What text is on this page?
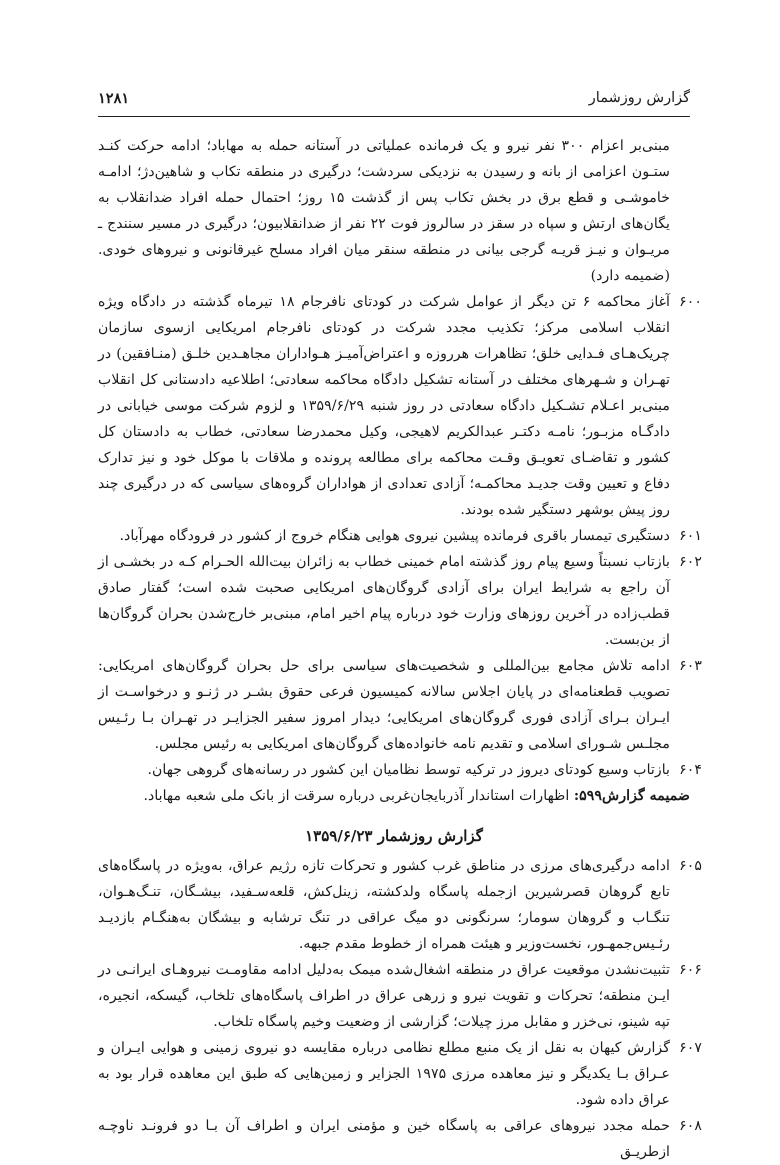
گزارش روزشمار
۱۲۸۱

مبنی‌بر اعزام ۳۰۰ نفر نیرو و یک فرمانده عملیاتی در آستانه حمله به مهاباد؛ ادامه حرکت کنـد ستـون اعزامی از بانه و رسیدن به نزدیکی سردشت؛ درگیری در منطقه تکاب و شاهین‌دژ؛ ادامـه خاموشـی و قطع برق در بخش تکاب پس از گذشت ۱۵ روز؛ احتمال حمله افراد ضدانقلاب به یگان‌های ارتش و سپاه در سقز در سالروز فوت ۲۲ نفر از ضدانقلابیون؛ درگیری در مسیر سنندج ـ مریـوان و نیـز قریـه گرجی بیانی در منطقه سنقر میان افراد مسلح غیرقانونی و نیروهای خودی. (ضمیمه دارد)

۶۰۰
آغاز محاکمه ۶ تن دیگر از عوامل شرکت در کودتای نافرجام ۱۸ تیرماه گذشته در دادگاه ویژه انقلاب اسلامی مرکز؛ تکذیب مجدد شرکت در کودتای نافرجام امریکایی ازسوی سازمان چریک‌هـای فـدایی خلق؛ تظاهرات هرروزه و اعتراض‌آمیـز هـواداران مجاهـدین خلـق (منـافقین) در تهـران و شـهرهای مختلف در آستانه تشکیل دادگاه محاکمه سعادتی؛ اطلاعیه دادستانی کل انقلاب مبنی‌بر اعـلام تشـکیل دادگاه سعادتی در روز شنبه ۱۳۵۹/۶/۲۹ و لزوم شرکت موسی خیابانی در دادگـاه مزبـور؛ نامـه دکتـر عبدالکریم لاهیجی، وکیل محمدرضا سعادتی، خطاب به دادستان کل کشور و تقاضـای تعویـق وقـت محاکمه برای مطالعه پرونده و ملاقات با موکل خود و نیز تدارک دفاع و تعیین وقت جدیـد محاکمـه؛ آزادی تعدادی از هواداران گروه‌های سیاسی که در درگیری چند روز پیش بوشهر دستگیر شده بودند.

۶۰۱
دستگیری تیمسار باقری فرمانده پیشین نیروی هوایی هنگام خروج از کشور در فرودگاه مهرآباد.

۶۰۲
بازتاب نسبتاً وسیع پیام روز گذشته امام خمینی خطاب به زائران بیت‌الله الحـرام کـه در بخشـی از آن راجع به شرایط ایران برای آزادی گروگان‌های امریکایی صحبت شده است؛ گفتار صادق قطب‌زاده در آخرین روزهای وزارت خود درباره پیام اخیر امام، مبنی‌بر خارج‌شدن بحران گروگان‌ها از بن‌بست.

۶۰۳
ادامه تلاش مجامع بین‌المللی و شخصیت‌های سیاسی برای حل بحران گروگان‌های امریکایی: تصویب قطعنامه‌ای در پایان اجلاس سالانه کمیسیون فرعی حقوق بشـر در ژنـو و درخواسـت از ایـران بـرای آزادی فوری گروگان‌های امریکایی؛ دیدار امروز سفیر الجزایـر در تهـران بـا رئـیس مجلـس شـورای اسلامی و تقدیم نامه خانواده‌های گروگان‌های امریکایی به رئیس مجلس.

۶۰۴
بازتاب وسیع کودتای دیروز در ترکیه توسط نظامیان این کشور در رسانه‌های گروهی جهان.

ضمیمه گزارش۵۹۹: اظهارات استاندار آذربایجان‌غربی درباره سرقت از بانک ملی شعبه مهاباد.

گزارش روزشمار ۱۳۵۹/۶/۲۳

۶۰۵
ادامه درگیری‌های مرزی در مناطق غرب کشور و تحرکات تازه رژیم عراق، به‌ویژه در پاسگاه‌های تابع گروهان قصرشیرین ازجمله پاسگاه ولدکشته، زینل‌کش، قلعه‌سـفید، بیشـگان، تنـگ‌هـوان، تنگـاب و گروهان سومار؛ سرنگونی دو میگ عراقی در تنگ ترشابه و بیشگان به‌هنگـام بازدیـد رئـیس‌جمهـور، نخست‌وزیر و هیئت همراه از خطوط مقدم جبهه.

۶۰۶
تثبیت‌نشدن موقعیت عراق در منطقه اشغال‌شده میمک به‌دلیل ادامه مقاومـت نیروهـای ایرانـی در ایـن منطقه؛ تحرکات و تقویت نیرو و زرهی عراق در اطراف پاسگاه‌های تلخاب، گیسکه، انجیره، تپه شینو، نی‌خزر و مقابل مرز چیلات؛ گزارشی از وضعیت وخیم پاسگاه تلخاب.

۶۰۷
گزارش کیهان به نقل از یک منبع مطلع نظامی درباره مقایسه دو نیروی زمینی و هوایی ایـران و عـراق بـا یکدیگر و نیز معاهده مرزی ۱۹۷۵ الجزایر و زمین‌هایی که طبق این معاهده قرار بود به عراق داده شود.

۶۰۸
حمله مجدد نیروهای عراقی به پاسگاه خین و مؤمنی ایران و اطراف آن بـا دو فرونـد ناوچـه ازطریـق
